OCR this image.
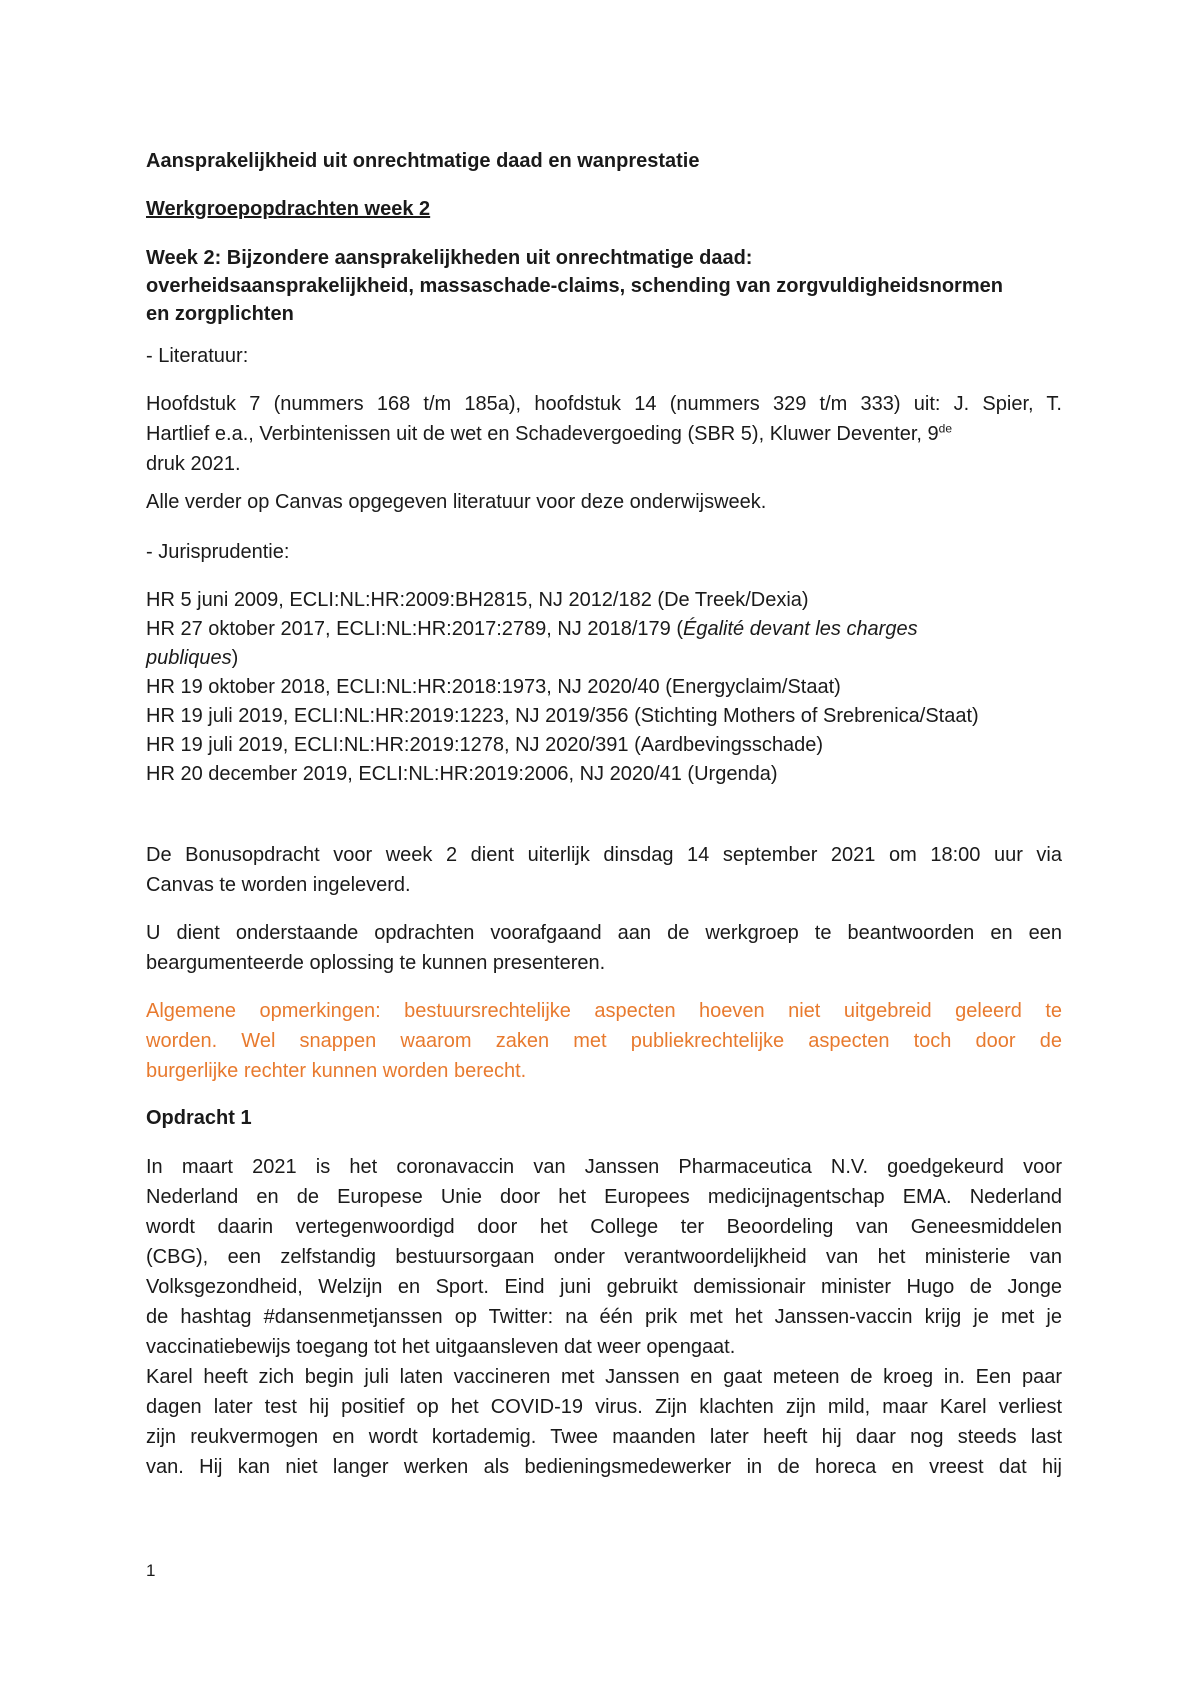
Aansprakelijkheid uit onrechtmatige daad en wanprestatie

Werkgroepopdrachten week 2

Week 2: Bijzondere aansprakelijkheden uit onrechtmatige daad:
overheidsaansprakelijkheid, massaschade-claims, schending van zorgvuldigheidsnormen
en zorgplichten

- Literatuur:

Hoofdstuk 7 (nummers 168 t/m 185a), hoofdstuk 14 (nummers 329 t/m 333) uit: J. Spier, T.
Hartlief e.a., Verbintenissen uit de wet en Schadevergoeding (SBR 5), Kluwer Deventer, 9de
druk 2021.

Alle verder op Canvas opgegeven literatuur voor deze onderwijsweek.

- Jurisprudentie:

HR 5 juni 2009, ECLI:NL:HR:2009:BH2815, NJ 2012/182 (De Treek/Dexia)
HR 27 oktober 2017, ECLI:NL:HR:2017:2789, NJ 2018/179 (Égalité devant les charges
publiques)
HR 19 oktober 2018, ECLI:NL:HR:2018:1973, NJ 2020/40 (Energyclaim/Staat)
HR 19 juli 2019, ECLI:NL:HR:2019:1223, NJ 2019/356 (Stichting Mothers of Srebrenica/Staat)
HR 19 juli 2019, ECLI:NL:HR:2019:1278, NJ 2020/391 (Aardbevingsschade)
HR 20 december 2019, ECLI:NL:HR:2019:2006, NJ 2020/41 (Urgenda)
De Bonusopdracht voor week 2 dient uiterlijk dinsdag 14 september 2021 om 18:00 uur via
Canvas te worden ingeleverd.
U dient onderstaande opdrachten voorafgaand aan de werkgroep te beantwoorden en een
beargumenteerde oplossing te kunnen presenteren.
Algemene opmerkingen: bestuursrechtelijke aspecten hoeven niet uitgebreid geleerd te
worden. Wel snappen waarom zaken met publiekrechtelijke aspecten toch door de
burgerlijke rechter kunnen worden berecht.

Opdracht 1

In maart 2021 is het coronavaccin van Janssen Pharmaceutica N.V. goedgekeurd voor
Nederland en de Europese Unie door het Europees medicijnagentschap EMA. Nederland
wordt daarin vertegenwoordigd door het College ter Beoordeling van Geneesmiddelen
(CBG), een zelfstandig bestuursorgaan onder verantwoordelijkheid van het ministerie van
Volksgezondheid, Welzijn en Sport. Eind juni gebruikt demissionair minister Hugo de Jonge
de hashtag #dansenmetjanssen op Twitter: na één prik met het Janssen-vaccin krijg je met je
vaccinatiebewijs toegang tot het uitgaansleven dat weer opengaat.
Karel heeft zich begin juli laten vaccineren met Janssen en gaat meteen de kroeg in. Een paar
dagen later test hij positief op het COVID-19 virus. Zijn klachten zijn mild, maar Karel verliest
zijn reukvermogen en wordt kortademig. Twee maanden later heeft hij daar nog steeds last
van. Hij kan niet langer werken als bedieningsmedewerker in de horeca en vreest dat hij
1
